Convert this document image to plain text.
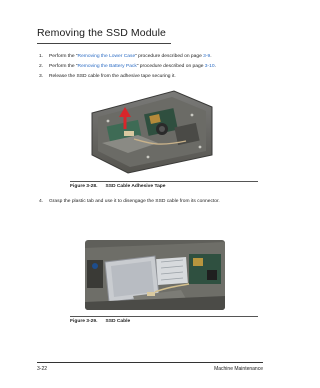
Removing the SSD Module
1. Perform the “Removing the Lower Case” procedure described on page 3-9.
2. Perform the “Removing the Battery Pack” procedure described on page 3-10.
3. Release the SSD cable from the adhesive tape securing it.
Figure 3-28. SSD Cable Adhesive Tape
4. Grasp the plastic tab and use it to disengage the SSD cable from its connector.
Figure 3-29. SSD Cable
3-22	Machine Maintenance
